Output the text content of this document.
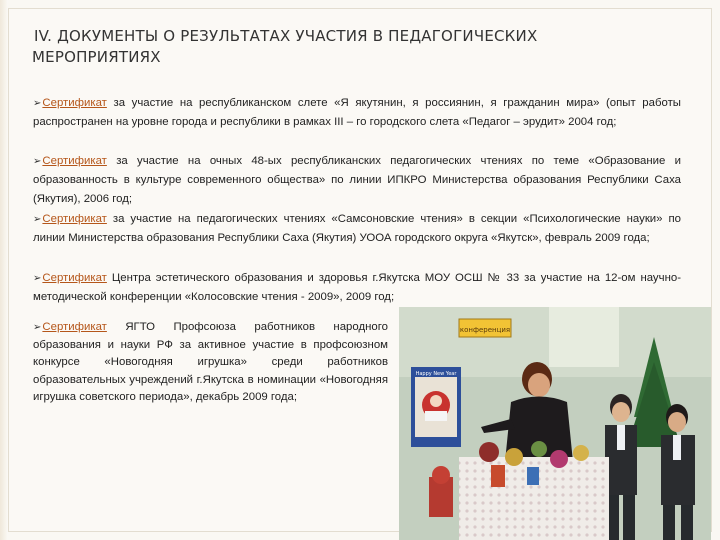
IV. ДОКУМЕНТЫ О РЕЗУЛЬТАТАХ УЧАСТИЯ В ПЕДАГОГИЧЕСКИХ
МЕРОПРИЯТИЯХ
➢Сертификат за участие на республиканском слете «Я якутянин, я россиянин, я гражданин мира» (опыт работы распространен на уровне города и республики в рамках III – го городского слета «Педагог – эрудит» 2004 год;
➢Сертификат за участие на очных 48-ых республиканских педагогических чтениях по теме «Образование и образованность в культуре современного общества» по линии ИПКРО Министерства образования Республики Саха (Якутия), 2006 год;
➢Сертификат за участие на педагогических чтениях «Самсоновские чтения» в секции «Психологические науки» по линии Министерства образования Республики Саха (Якутия) УООА городского округа «Якутск», февраль 2009 года;
➢Сертификат Центра эстетического образования и здоровья г.Якутска МОУ ОСШ № 33 за участие на 12-ом научно-методической конференции «Колосовские чтения - 2009», 2009 год;
➢Сертификат ЯГТО Профсоюза работников народного образования и науки РФ за активное участие в профсоюзном конкурсе «Новогодняя игрушка» среди работников образовательных учреждений г.Якутска в номинации «Новогодняя игрушка советского периода», декабрь 2009 года;
конференция
Happy New Year
